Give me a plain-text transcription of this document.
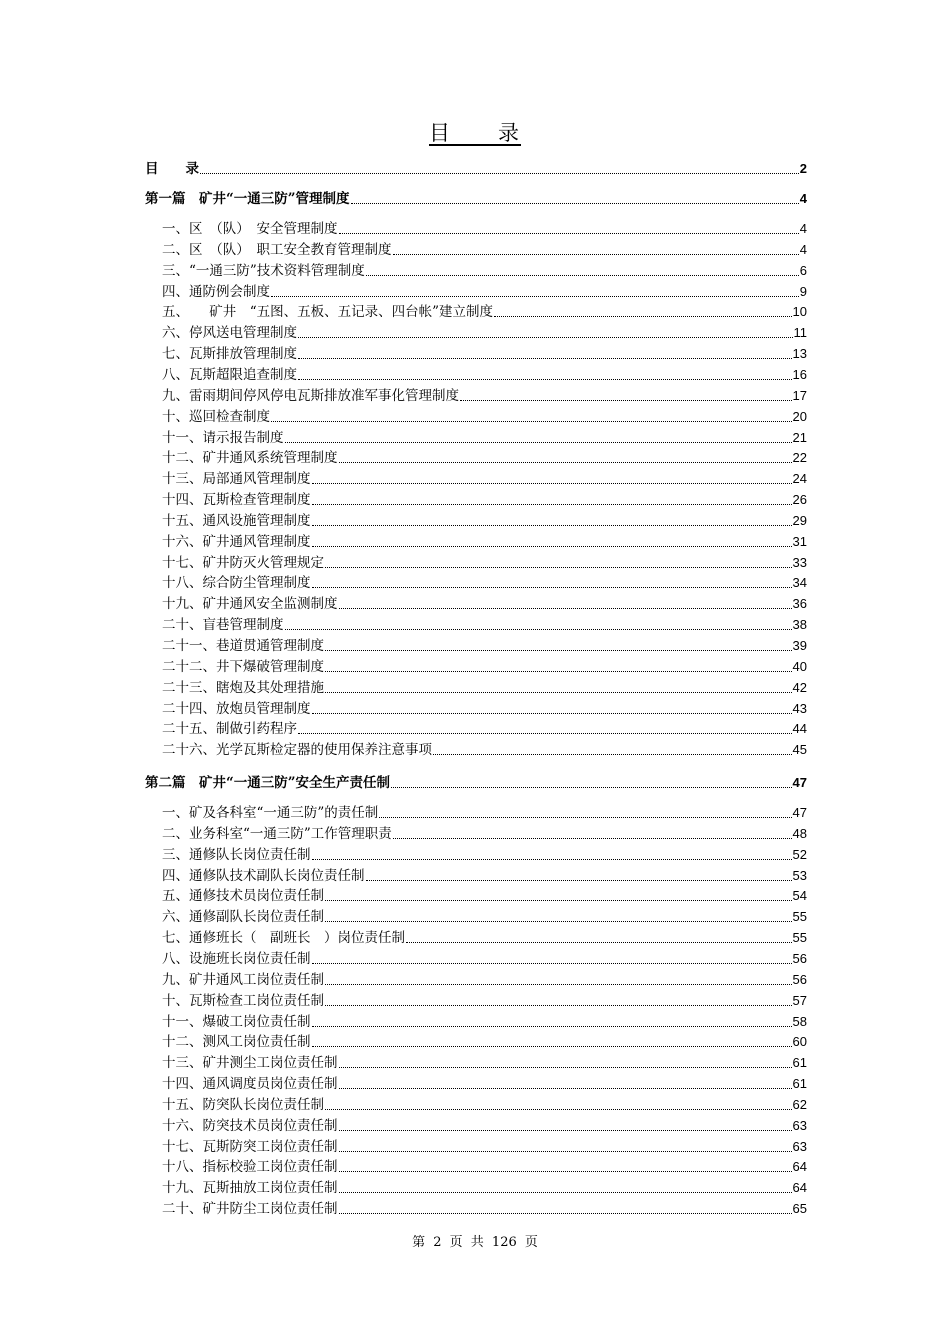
目　　录
目　　录	2
第一篇　矿井“一通三防”管理制度	4
一、区　（队）　安全管理制度	4
二、区　（队）　职工安全教育管理制度	4
三、“一通三防”技术资料管理制度	6
四、通防例会制度	9
五、　　矿井　“五图、五板、五记录、四台帐”建立制度	10
六、停风送电管理制度	11
七、瓦斯排放管理制度	13
八、瓦斯超限追查制度	16
九、雷雨期间停风停电瓦斯排放准军事化管理制度	17
十、巡回检查制度	20
十一、请示报告制度	21
十二、矿井通风系统管理制度	22
十三、局部通风管理制度	24
十四、瓦斯检查管理制度	26
十五、通风设施管理制度	29
十六、矿井通风管理制度	31
十七、矿井防灭火管理规定	33
十八、综合防尘管理制度	34
十九、矿井通风安全监测制度	36
二十、盲巷管理制度	38
二十一、巷道贯通管理制度	39
二十二、井下爆破管理制度	40
二十三、瞎炮及其处理措施	42
二十四、放炮员管理制度	43
二十五、制做引药程序	44
二十六、光学瓦斯检定器的使用保养注意事项	45
第二篇　矿井“一通三防”安全生产责任制	47
一、矿及各科室“一通三防”的责任制	47
二、业务科室“一通三防”工作管理职责	48
三、通修队长岗位责任制	52
四、通修队技术副队长岗位责任制	53
五、通修技术员岗位责任制	54
六、通修副队长岗位责任制	55
七、通修班长（　副班长　）岗位责任制	55
八、设施班长岗位责任制	56
九、矿井通风工岗位责任制	56
十、瓦斯检查工岗位责任制	57
十一、爆破工岗位责任制	58
十二、测风工岗位责任制	60
十三、矿井测尘工岗位责任制	61
十四、通风调度员岗位责任制	61
十五、防突队长岗位责任制	62
十六、防突技术员岗位责任制	63
十七、瓦斯防突工岗位责任制	63
十八、指标校验工岗位责任制	64
十九、瓦斯抽放工岗位责任制	64
二十、矿井防尘工岗位责任制	65
第 2 页 共 126 页
